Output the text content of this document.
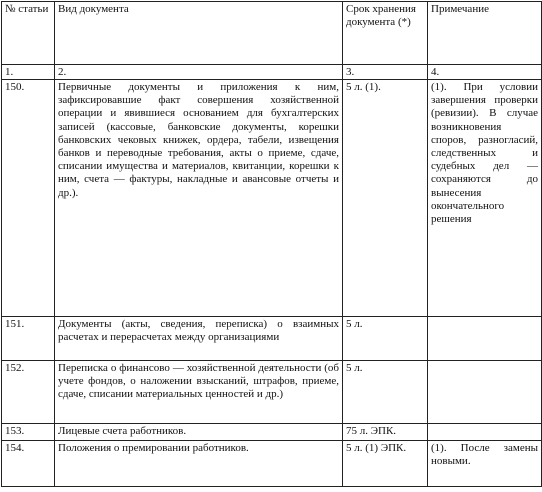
№ статьи	Вид документа	Срок хранения документа (*)	Примечание
1.	2.	3.	4.
150.	Первичные документы и приложения к ним, зафиксировавшие факт совершения хозяйственной операции и явившиеся основанием для бухгалтерских записей (кассовые, банковские документы, корешки банковских чековых книжек, ордера, табели, извещения банков и переводные требования, акты о приеме, сдаче, списании имущества и материалов, квитанции, корешки к ним, счета — фактуры, накладные и авансовые отчеты и др.).	5 л. (1).	(1). При условии завершения проверки (ревизии). В случае возникновения споров, разногласий, следственных и судебных дел — сохраняются до вынесения окончательного решения
151.	Документы (акты, сведения, переписка) о взаимных расчетах и перерасчетах между организациями	5 л.	
152.	Переписка о финансово — хозяйственной деятельности (об учете фондов, о наложении взысканий, штрафов, приеме, сдаче, списании материальных ценностей и др.)	5 л.	
153.	Лицевые счета работников.	75 л. ЭПК.	
154.	Положения о премировании работников.	5 л. (1) ЭПК.	(1). После замены новыми.
